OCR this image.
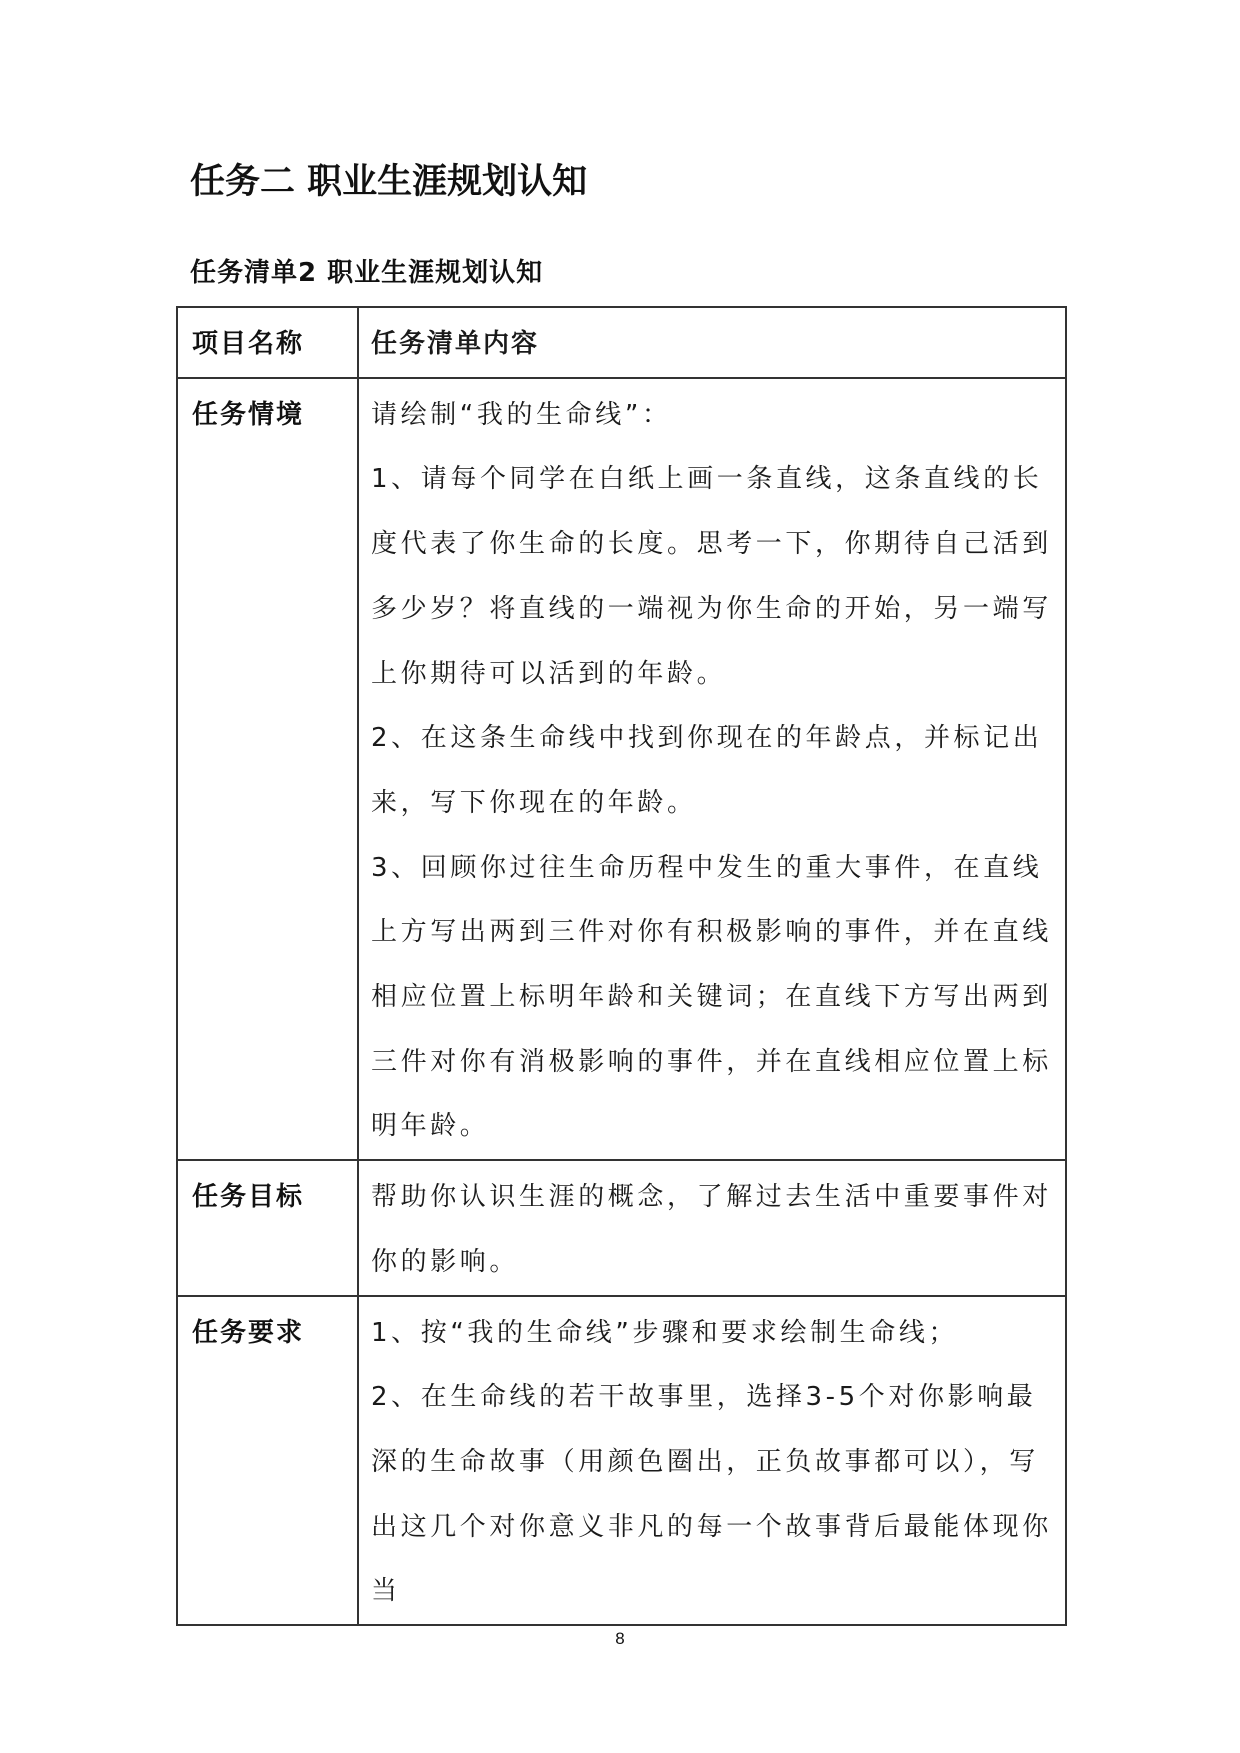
任务二 职业生涯规划认知
任务清单2 职业生涯规划认知
项目名称	任务清单内容
任务情境	请绘制“我的生命线”：

1、请每个同学在白纸上画一条直线，这条直线的长度代表了你生命的长度。思考一下，你期待自己活到多少岁？将直线的一端视为你生命的开始，另一端写上你期待可以活到的年龄。

2、在这条生命线中找到你现在的年龄点，并标记出来，写下你现在的年龄。

3、回顾你过往生命历程中发生的重大事件，在直线上方写出两到三件对你有积极影响的事件，并在直线相应位置上标明年龄和关键词；在直线下方写出两到三件对你有消极影响的事件，并在直线相应位置上标明年龄。

任务目标	帮助你认识生涯的概念，了解过去生活中重要事件对你的影响。

任务要求	1、按“我的生命线”步骤和要求绘制生命线；

2、在生命线的若干故事里，选择3-5个对你影响最深的生命故事（用颜色圈出，正负故事都可以），写出这几个对你意义非凡的每一个故事背后最能体现你当

8
